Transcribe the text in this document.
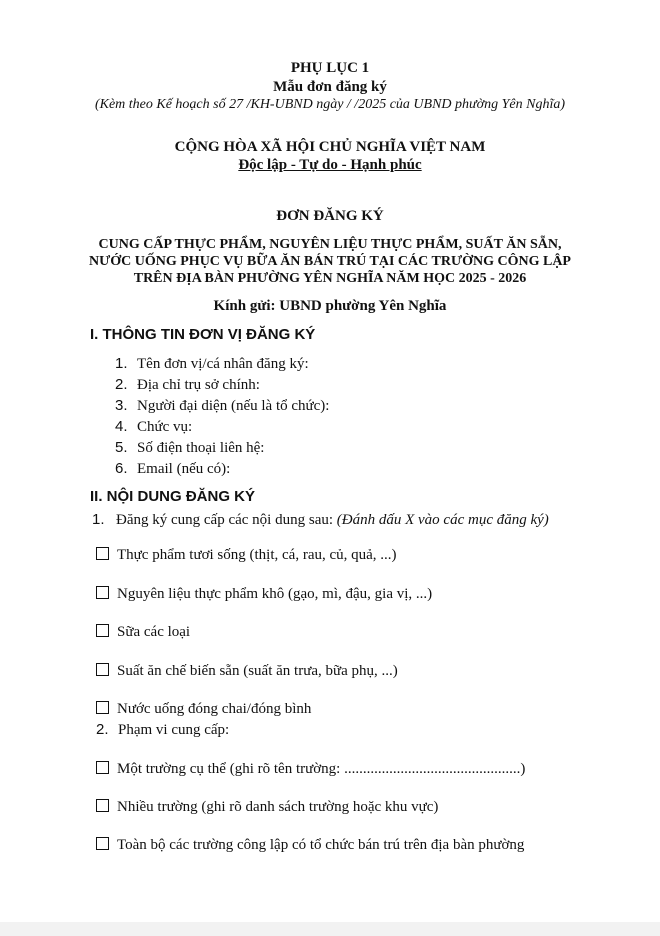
PHỤ LỤC 1
Mẫu đơn đăng ký
(Kèm theo Kế hoạch số 27 /KH-UBND ngày / /2025 của UBND phường Yên Nghĩa)
CỘNG HÒA XÃ HỘI CHỦ NGHĨA VIỆT NAM
Độc lập - Tự do - Hạnh phúc
ĐƠN ĐĂNG KÝ
CUNG CẤP THỰC PHẨM, NGUYÊN LIỆU THỰC PHẨM, SUẤT ĂN SẴN,
NƯỚC UỐNG PHỤC VỤ BỮA ĂN BÁN TRÚ TẠI CÁC TRƯỜNG CÔNG LẬP
TRÊN ĐỊA BÀN PHƯỜNG YÊN NGHĨA NĂM HỌC 2025 - 2026
Kính gửi: UBND phường Yên Nghĩa
I. THÔNG TIN ĐƠN VỊ ĐĂNG KÝ
1. Tên đơn vị/cá nhân đăng ký:
2. Địa chỉ trụ sở chính:
3. Người đại diện (nếu là tổ chức):
4. Chức vụ:
5. Số điện thoại liên hệ:
6. Email (nếu có):
II. NỘI DUNG ĐĂNG KÝ
1. Đăng ký cung cấp các nội dung sau: (Đánh dấu X vào các mục đăng ký)
Thực phẩm tươi sống (thịt, cá, rau, củ, quả, ...)
Nguyên liệu thực phẩm khô (gạo, mì, đậu, gia vị, ...)
Sữa các loại
Suất ăn chế biến sẵn (suất ăn trưa, bữa phụ, ...)
Nước uống đóng chai/đóng bình
2. Phạm vi cung cấp:
Một trường cụ thể (ghi rõ tên trường: ...............................................)
Nhiều trường (ghi rõ danh sách trường hoặc khu vực)
Toàn bộ các trường công lập có tổ chức bán trú trên địa bàn phường
